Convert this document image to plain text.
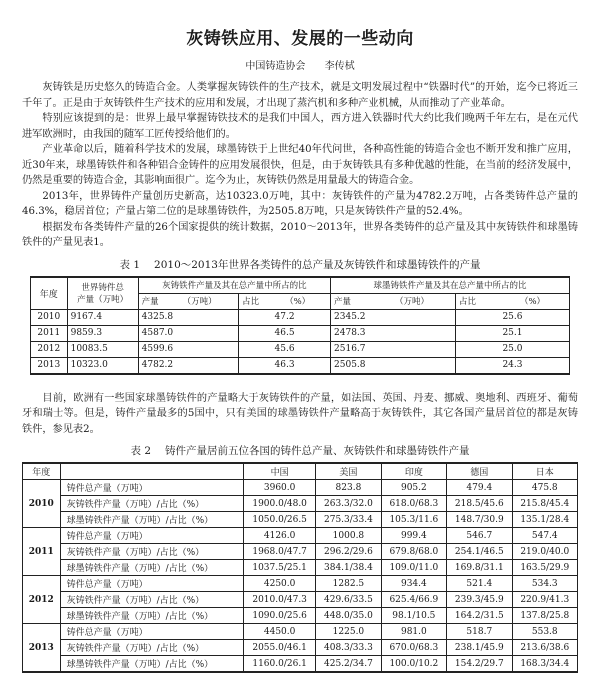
灰铸铁应用、发展的一些动向
中国铸造协会 李传栻

灰铸铁是历史悠久的铸造合金。人类掌握灰铸铁件的生产技术，就是文明发展过程中“铁器时代”的开始，迄今已将近三千年了。正是由于灰铸铁件生产技术的应用和发展，才出现了蒸汽机和多种产业机械，从而推动了产业革命。

特别应该提到的是：世界上最早掌握铸铁技术的是我们中国人，西方进入铁器时代大约比我们晚两千年左右，是在元代进军欧洲时，由我国的随军工匠传授给他们的。

产业革命以后，随着科学技术的发展，球墨铸铁于上世纪40年代问世，各种高性能的铸造合金也不断开发和推广应用，近30年来，球墨铸铁件和各种铝合金铸件的应用发展很快，但是，由于灰铸铁具有多种优越的性能，在当前的经济发展中，仍然是重要的铸造合金，其影响面很广。迄今为止，灰铸铁仍然是用量最大的铸造合金。

2013年，世界铸件产量创历史新高，达10323.0万吨，其中：灰铸铁件的产量为4782.2万吨，占各类铸件总产量的46.3%，稳居首位；产量占第二位的是球墨铸铁件，为2505.8万吨，只是灰铸铁件产量的52.4%。

根据发布各类铸件产量的26个国家提供的统计数据，2010～2013年，世界各类铸件的总产量及其中灰铸铁件和球墨铸铁件的产量见表1。

表 1 2010～2013年世界各类铸件的总产量及灰铸铁件和球墨铸铁件的产量
年度	世界铸件总
产量（万吨）	灰铸铁件产量及其在总产量中所占的比		球墨铸铁件产量及其在总产量中所占的比	
		产量 （万吨）	占比 （%）	产量 （万吨）	占比 （%）
2010	9167.4	4325.8	47.2	2345.2	25.6
2011	9859.3	4587.0	46.5	2478.3	25.1
2012	10083.5	4599.6	45.6	2516.7	25.0
2013	10323.0	4782.2	46.3	2505.8	24.3

目前，欧洲有一些国家球墨铸铁件的产量略大于灰铸铁件的产量，如法国、英国、丹麦、挪威、奥地利、西班牙、葡萄牙和瑞士等。但是，铸件产量最多的5国中，只有美国的球墨铸铁件产量略高于灰铸铁件，其它各国产量居首位的都是灰铸铁件，参见表2。

表 2 铸件产量居前五位各国的铸件总产量、灰铸铁件和球墨铸铁件产量
年度		中国	美国	印度	德国	日本
2010	铸件总产量（万吨）	3960.0	823.8	905.2	479.4	475.8
	灰铸铁件产量（万吨）/占比（%）	1900.0/48.0	263.3/32.0	618.0/68.3	218.5/45.6	215.8/45.4
	球墨铸铁件产量（万吨）/占比（%）	1050.0/26.5	275.3/33.4	105.3/11.6	148.7/30.9	135.1/28.4
2011	铸件总产量（万吨）	4126.0	1000.8	999.4	546.7	547.4
	灰铸铁件产量（万吨）/占比（%）	1968.0/47.7	296.2/29.6	679.8/68.0	254.1/46.5	219.0/40.0
	球墨铸铁件产量（万吨）/占比（%）	1037.5/25.1	384.1/38.4	109.0/11.0	169.8/31.1	163.5/29.9
2012	铸件总产量（万吨）	4250.0	1282.5	934.4	521.4	534.3
	灰铸铁件产量（万吨）/占比（%）	2010.0/47.3	429.6/33.5	625.4/66.9	239.3/45.9	220.9/41.3
	球墨铸铁件产量（万吨）/占比（%）	1090.0/25.6	448.0/35.0	98.1/10.5	164.2/31.5	137.8/25.8
2013	铸件总产量（万吨）	4450.0	1225.0	981.0	518.7	553.8
	灰铸铁件产量（万吨）/占比（%）	2055.0/46.1	408.3/33.3	670.0/68.3	238.1/45.9	213.6/38.6
	球墨铸铁件产量（万吨）/占比（%）	1160.0/26.1	425.2/34.7	100.0/10.2	154.2/29.7	168.3/34.4
